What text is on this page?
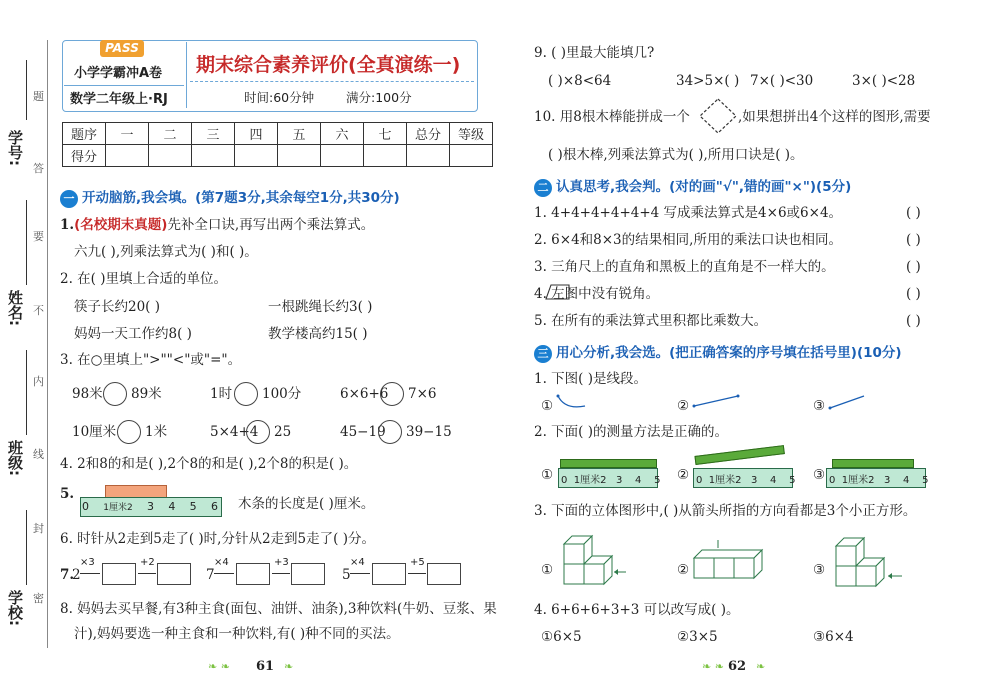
学号:
姓名:
班级:
学校:
题
答
要
不
内
线
封
密
PASS
小学学霸冲A卷
数学二年级上·RJ
期末综合素养评价(全真演练一)
时间:60分钟	满分:100分
题序	一	二	三	四	五	六	七	总分	等级
得分									
一 开动脑筋,我会填。(第7题3分,其余每空1分,共30分)
1.(名校期末真题)先补全口诀,再写出两个乘法算式。
六九( ),列乘法算式为( )和( )。
2. 在( )里填上合适的单位。
筷子长约20( )	一根跳绳长约3( )
妈妈一天工作约8( )	教学楼高约15( )
3. 在○里填上">""<"或"="。
98米 89米	1时 100分	6×6+6 7×6
10厘米 1米	5×4+4 25	45−19 39−15
4. 2和8的和是( ),2个8的和是( ),2个8的积是( )。
5.
0 1厘米2 3 4 5 6 木条的长度是( )厘米。
6. 时针从2走到5走了( )时,分针从2走到5走了( )分。
7.
2
×3	+2
7
×4	+3
5
×4	+5
8. 妈妈去买早餐,有3种主食(面包、油饼、油条),3种饮料(牛奶、豆浆、果
汁),妈妈要选一种主食和一种饮料,有( )种不同的买法。
❧ ❧ 61 ❧
9. ( )里最大能填几?
( )×8<64	34>5×( ) 7×( )<30	3×( )<28
10. 用8根木棒能拼成一个	,如果想拼出4个这样的图形,需要
( )根木棒,列乘法算式为( ),所用口诀是( )。
二 认真思考,我会判。(对的画"√",错的画"×")(5分)
1. 4+4+4+4+4+4 写成乘法算式是4×6或6×4。	( )
2. 6×4和8×3的结果相同,所用的乘法口诀也相同。	( )
3. 三角尺上的直角和黑板上的直角是不一样大的。	( )
4. 左图中没有锐角。	( )
5. 在所有的乘法算式里积都比乘数大。	( )
三 用心分析,我会选。(把正确答案的序号填在括号里)(10分)
1. 下图( )是线段。
①	②	③
2. 下面( )的测量方法是正确的。
① 0  1厘米2   3    4    5 ② 0  1厘米2   3    4    5 ③ 0  1厘米2   3    4    5
3. 下面的立体图形中,( )从箭头所指的方向看都是3个小正方形。
①	②	③
4. 6+6+6+3+3 可以改写成( )。
①6×5	②3×5	③6×4
❧ ❧ 62 ❧
